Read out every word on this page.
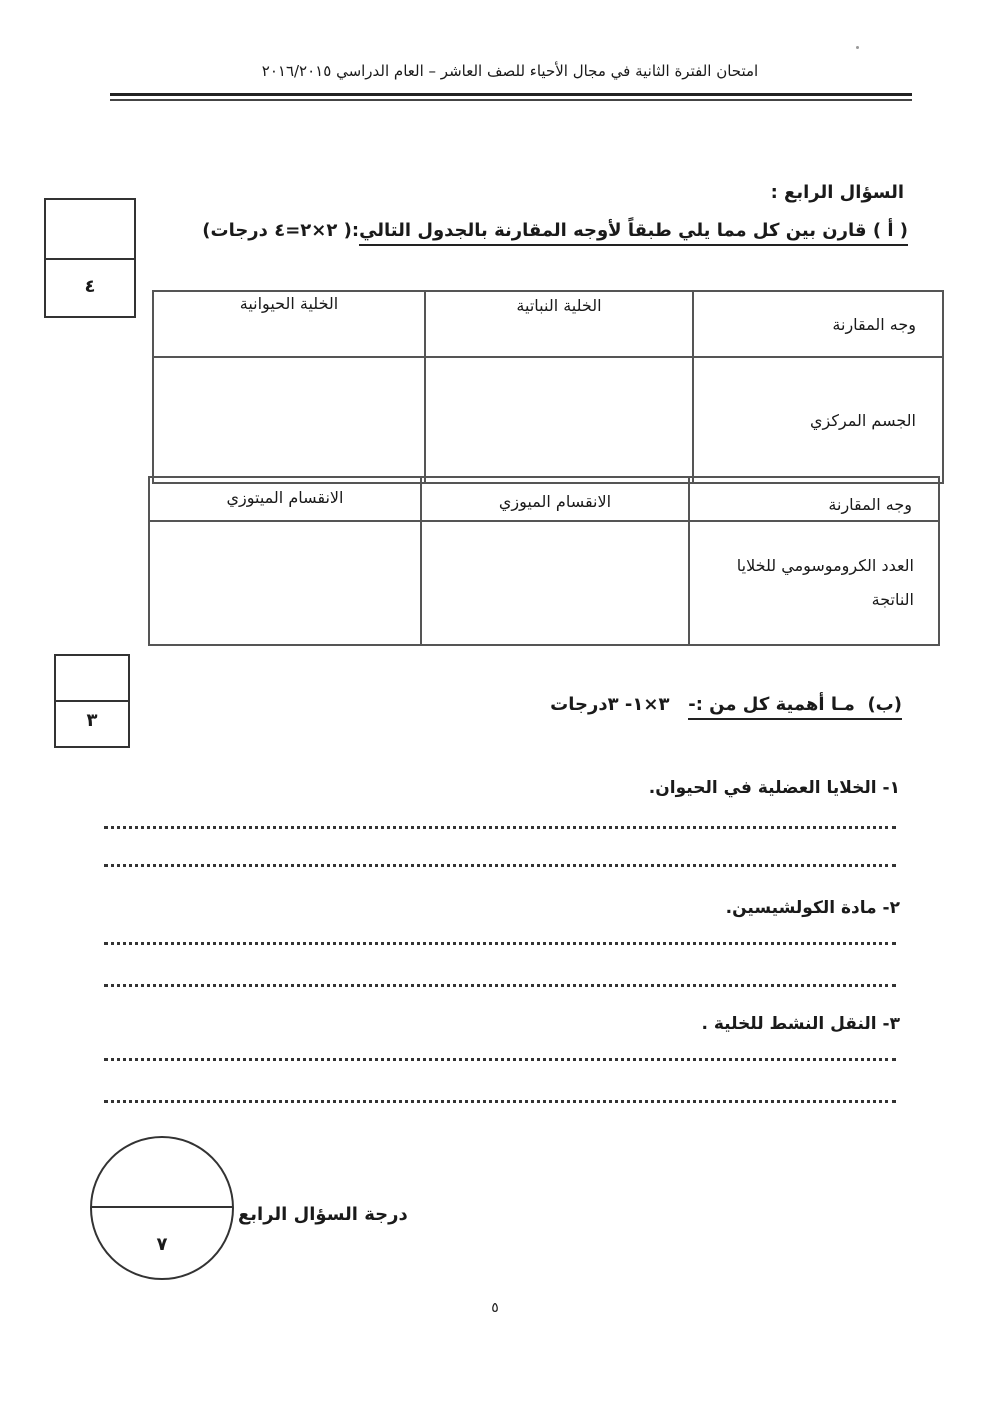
امتحان الفترة الثانية في مجال الأحياء للصف العاشر – العام الدراسي ٢٠١٦/٢٠١٥
٤
السؤال الرابع :
( أ ) قارن بين كل مما يلي طبقاً لأوجه المقارنة بالجدول التالي:( ٢×٢=٤ درجات)
الخلية الحيوانية	الخلية النباتية	وجه المقارنة
		الجسم المركزي
الانقسام الميتوزي	الانقسام الميوزي	وجه المقارنة

		العدد الكروموسومي للخلايا
الناتجة
٣
(ب)  مـا أهمية كل من :-   ٣×١- ٣درجات
١- الخلايا العضلية في الحيوان.
٢- مادة الكولشيسين.
٣- النقل النشط للخلية .
٧
درجة السؤال الرابع
٥
